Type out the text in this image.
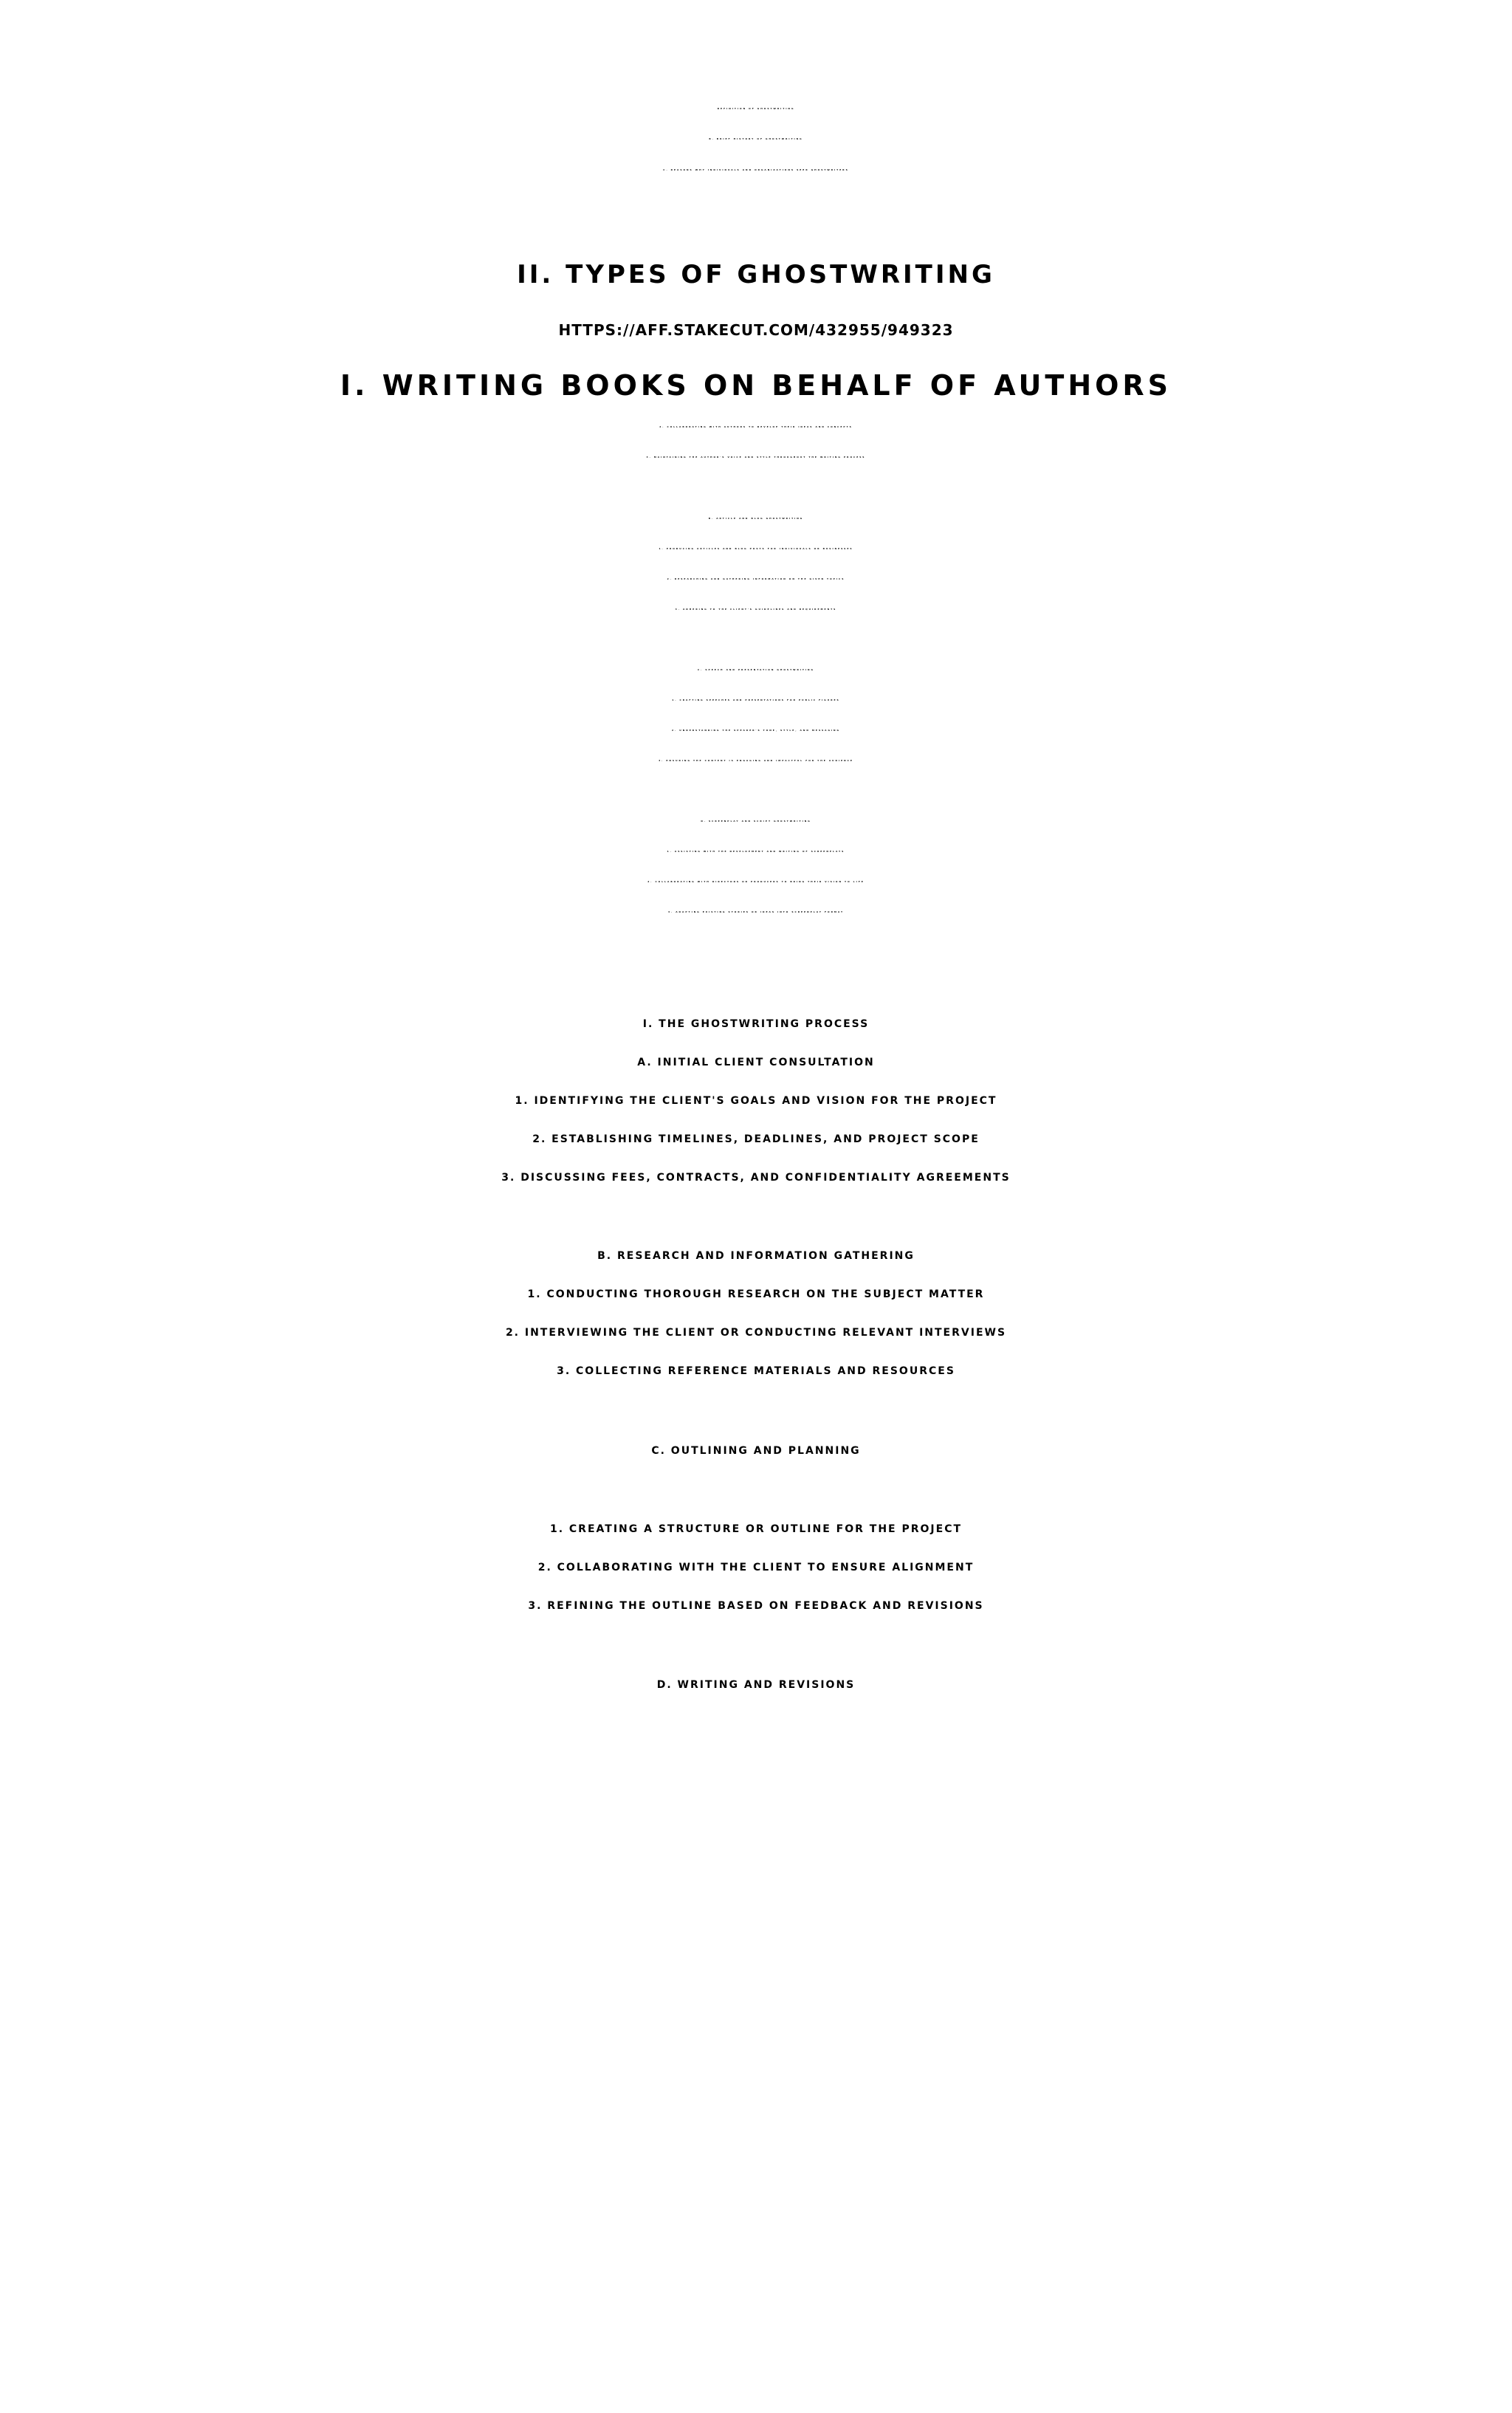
DEFINITION OF GHOSTWRITING
B. BRIEF HISTORY OF GHOSTWRITING
C. REASONS WHY INDIVIDUALS AND ORGANIZATIONS SEEK GHOSTWRITERS
II. TYPES OF GHOSTWRITING
HTTPS://AFF.STAKECUT.COM/432955/949323
I. WRITING BOOKS ON BEHALF OF AUTHORS
2. COLLABORATING WITH AUTHORS TO DEVELOP THEIR IDEAS AND CONCEPTS
3. MAINTAINING THE AUTHOR'S VOICE AND STYLE THROUGHOUT THE WRITING PROCESS
B. ARTICLE AND BLOG GHOSTWRITING
1. PRODUCING ARTICLES AND BLOG POSTS FOR INDIVIDUALS OR BUSINESSES
2. RESEARCHING AND GATHERING INFORMATION ON THE GIVEN TOPICS
3. ADHERING TO THE CLIENT'S GUIDELINES AND REQUIREMENTS
C. SPEECH AND PRESENTATION GHOSTWRITING
1. CRAFTING SPEECHES AND PRESENTATIONS FOR PUBLIC FIGURES
2. UNDERSTANDING THE SPEAKER'S TONE, STYLE, AND MESSAGING
3. ENSURING THE CONTENT IS ENGAGING AND IMPACTFUL FOR THE AUDIENCE
D. SCREENPLAY AND SCRIPT GHOSTWRITING
1. ASSISTING WITH THE DEVELOPMENT AND WRITING OF SCREENPLAYS
2. COLLABORATING WITH DIRECTORS OR PRODUCERS TO BRING THEIR VISION TO LIFE
3. ADAPTING EXISTING STORIES OR IDEAS INTO SCREENPLAY FORMAT
I. THE GHOSTWRITING PROCESS
A. INITIAL CLIENT CONSULTATION
1. IDENTIFYING THE CLIENT'S GOALS AND VISION FOR THE PROJECT
2. ESTABLISHING TIMELINES, DEADLINES, AND PROJECT SCOPE
3. DISCUSSING FEES, CONTRACTS, AND CONFIDENTIALITY AGREEMENTS
B. RESEARCH AND INFORMATION GATHERING
1. CONDUCTING THOROUGH RESEARCH ON THE SUBJECT MATTER
2. INTERVIEWING THE CLIENT OR CONDUCTING RELEVANT INTERVIEWS
3. COLLECTING REFERENCE MATERIALS AND RESOURCES
C. OUTLINING AND PLANNING
1. CREATING A STRUCTURE OR OUTLINE FOR THE PROJECT
2. COLLABORATING WITH THE CLIENT TO ENSURE ALIGNMENT
3. REFINING THE OUTLINE BASED ON FEEDBACK AND REVISIONS
D. WRITING AND REVISIONS
